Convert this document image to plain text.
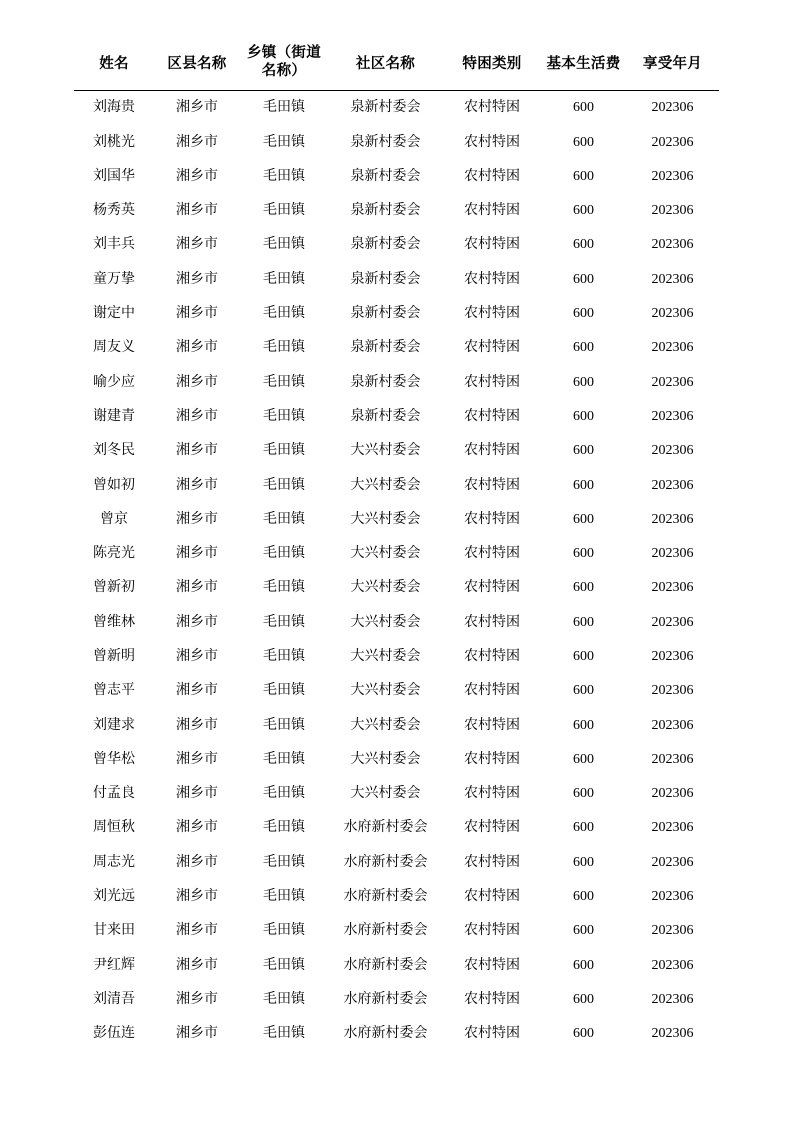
姓名	区县名称	乡镇（街道名称）	社区名称	特困类别	基本生活费	享受年月
刘海贵	湘乡市	毛田镇	泉新村委会	农村特困	600	202306
刘桃光	湘乡市	毛田镇	泉新村委会	农村特困	600	202306
刘国华	湘乡市	毛田镇	泉新村委会	农村特困	600	202306
杨秀英	湘乡市	毛田镇	泉新村委会	农村特困	600	202306
刘丰兵	湘乡市	毛田镇	泉新村委会	农村特困	600	202306
童万挚	湘乡市	毛田镇	泉新村委会	农村特困	600	202306
谢定中	湘乡市	毛田镇	泉新村委会	农村特困	600	202306
周友义	湘乡市	毛田镇	泉新村委会	农村特困	600	202306
喻少应	湘乡市	毛田镇	泉新村委会	农村特困	600	202306
谢建青	湘乡市	毛田镇	泉新村委会	农村特困	600	202306
刘冬民	湘乡市	毛田镇	大兴村委会	农村特困	600	202306
曾如初	湘乡市	毛田镇	大兴村委会	农村特困	600	202306
曾京	湘乡市	毛田镇	大兴村委会	农村特困	600	202306
陈亮光	湘乡市	毛田镇	大兴村委会	农村特困	600	202306
曾新初	湘乡市	毛田镇	大兴村委会	农村特困	600	202306
曾维林	湘乡市	毛田镇	大兴村委会	农村特困	600	202306
曾新明	湘乡市	毛田镇	大兴村委会	农村特困	600	202306
曾志平	湘乡市	毛田镇	大兴村委会	农村特困	600	202306
刘建求	湘乡市	毛田镇	大兴村委会	农村特困	600	202306
曾华松	湘乡市	毛田镇	大兴村委会	农村特困	600	202306
付孟良	湘乡市	毛田镇	大兴村委会	农村特困	600	202306
周恒秋	湘乡市	毛田镇	水府新村委会	农村特困	600	202306
周志光	湘乡市	毛田镇	水府新村委会	农村特困	600	202306
刘光远	湘乡市	毛田镇	水府新村委会	农村特困	600	202306
甘来田	湘乡市	毛田镇	水府新村委会	农村特困	600	202306
尹红辉	湘乡市	毛田镇	水府新村委会	农村特困	600	202306
刘清吾	湘乡市	毛田镇	水府新村委会	农村特困	600	202306
彭伍连	湘乡市	毛田镇	水府新村委会	农村特困	600	202306
